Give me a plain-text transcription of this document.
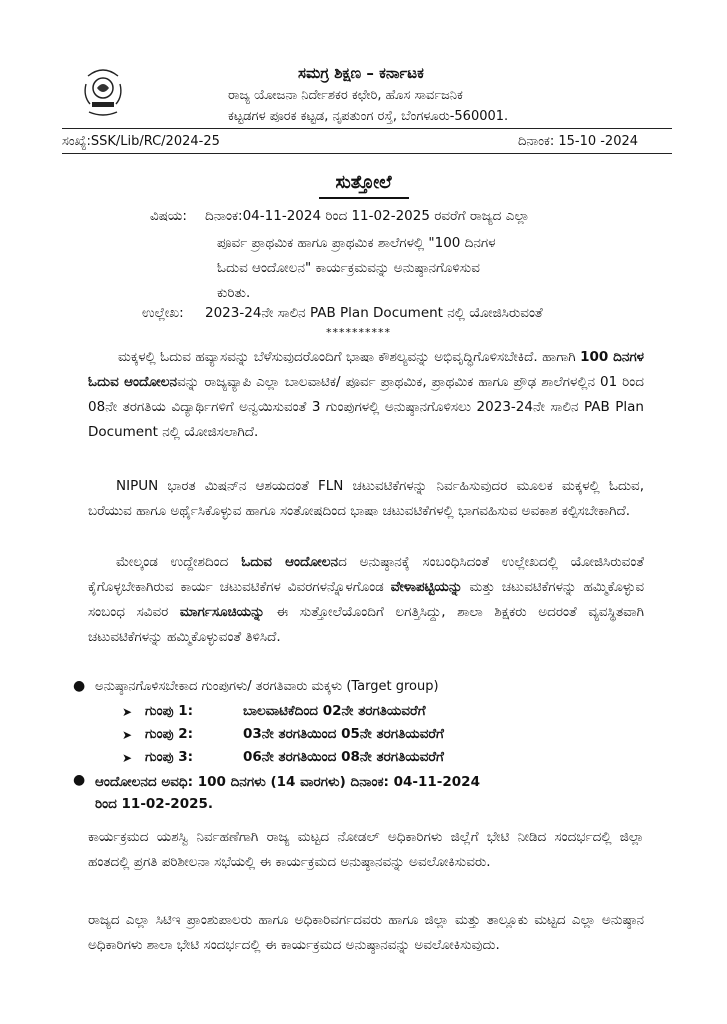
ಸಮಗ್ರ ಶಿಕ್ಷಣ – ಕರ್ನಾಟಕ
ರಾಜ್ಯ ಯೋಜನಾ ನಿರ್ದೇಶಕರ ಕಛೇರಿ, ಹೊಸ ಸಾರ್ವಜನಿಕ
ಕಟ್ಟಡಗಳ ಪೂರಕ ಕಟ್ಟಡ, ನೃಪತುಂಗ ರಸ್ತೆ, ಬೆಂಗಳೂರು-560001.
ಸಂಖ್ಯೆ:SSK/Lib/RC/2024-25	ದಿನಾಂಕ: 15-10 -2024
ಸುತ್ತೋಲೆ
ವಿಷಯ: ದಿನಾಂಕ:04-11-2024 ರಿಂದ 11-02-2025 ರವರೆಗೆ ರಾಜ್ಯದ ಎಲ್ಲಾ
ಪೂರ್ವ ಪ್ರಾಥಮಿಕ ಹಾಗೂ ಪ್ರಾಥಮಿಕ ಶಾಲೆಗಳಲ್ಲಿ "100 ದಿನಗಳ
ಓದುವ ಆಂದೋಲನ" ಕಾರ್ಯಕ್ರಮವನ್ನು ಅನುಷ್ಠಾನಗೊಳಿಸುವ
ಕುರಿತು.
ಉಲ್ಲೇಖ: 2023-24ನೇ ಸಾಲಿನ PAB Plan Document ನಲ್ಲಿ ಯೋಜಿಸಿರುವಂತೆ
**********
ಮಕ್ಕಳಲ್ಲಿ ಓದುವ ಹವ್ಯಾಸವನ್ನು ಬೆಳೆಸುವುದರೊಂದಿಗೆ ಭಾಷಾ ಕೌಶಲ್ಯವನ್ನು ಅಭಿವೃದ್ಧಿಗೊಳಿಸಬೇಕಿದೆ. ಹಾಗಾಗಿ 100 ದಿನಗಳ ಓದುವ ಆಂದೋಲನವನ್ನು ರಾಜ್ಯವ್ಯಾಪಿ ಎಲ್ಲಾ ಬಾಲವಾಟಿಕ/ ಪೂರ್ವ ಪ್ರಾಥಮಿಕ, ಪ್ರಾಥಮಿಕ ಹಾಗೂ ಪ್ರೌಢ ಶಾಲೆಗಳಲ್ಲಿನ 01 ರಿಂದ 08ನೇ ತರಗತಿಯ ವಿದ್ಯಾರ್ಥಿಗಳಿಗೆ ಅನ್ವಯಿಸುವಂತೆ 3 ಗುಂಪುಗಳಲ್ಲಿ ಅನುಷ್ಠಾನಗೊಳಿಸಲು 2023-24ನೇ ಸಾಲಿನ PAB Plan Document ನಲ್ಲಿ ಯೋಜಿಸಲಾಗಿದೆ.
NIPUN ಭಾರತ ಮಿಷನ್‌ನ ಆಶಯದಂತೆ FLN ಚಟುವಟಿಕೆಗಳನ್ನು ನಿರ್ವಹಿಸುವುದರ ಮೂಲಕ ಮಕ್ಕಳಲ್ಲಿ ಓದುವ, ಬರೆಯುವ ಹಾಗೂ ಅರ್ಥೈಸಿಕೊಳ್ಳುವ ಹಾಗೂ ಸಂತೋಷದಿಂದ ಭಾಷಾ ಚಟುವಟಿಕೆಗಳಲ್ಲಿ ಭಾಗವಹಿಸುವ ಅವಕಾಶ ಕಲ್ಪಿಸಬೇಕಾಗಿದೆ.
ಮೇಲ್ಕಂಡ ಉದ್ದೇಶದಿಂದ ಓದುವ ಆಂದೋಲನದ ಅನುಷ್ಠಾನಕ್ಕೆ ಸಂಬಂಧಿಸಿದಂತೆ ಉಲ್ಲೇಖದಲ್ಲಿ ಯೋಜಿಸಿರುವಂತೆ ಕೈಗೊಳ್ಳಬೇಕಾಗಿರುವ ಕಾರ್ಯ ಚಟುವಟಿಕೆಗಳ ವಿವರಗಳನ್ನೊಳಗೊಂಡ ವೇಳಾಪಟ್ಟಿಯನ್ನು ಮತ್ತು ಚಟುವಟಿಕೆಗಳನ್ನು ಹಮ್ಮಿಕೊಳ್ಳುವ ಸಂಬಂಧ ಸವಿವರ ಮಾರ್ಗಸೂಚಿಯನ್ನು ಈ ಸುತ್ತೋಲೆಯೊಂದಿಗೆ ಲಗತ್ತಿಸಿದ್ದು, ಶಾಲಾ ಶಿಕ್ಷಕರು ಅದರಂತೆ ವ್ಯವಸ್ಥಿತವಾಗಿ ಚಟುವಟಿಕೆಗಳನ್ನು ಹಮ್ಮಿಕೊಳ್ಳುವಂತೆ ತಿಳಿಸಿದೆ.
● ಅನುಷ್ಠಾನಗೊಳಿಸಬೇಕಾದ ಗುಂಪುಗಳು/ ತರಗತಿವಾರು ಮಕ್ಕಳು (Target group)
➤ ಗುಂಪು 1:	ಬಾಲವಾಟಿಕೆದಿಂದ 02ನೇ ತರಗತಿಯವರೆಗೆ
➤ ಗುಂಪು 2:	03ನೇ ತರಗತಿಯಿಂದ 05ನೇ ತರಗತಿಯವರೆಗೆ
➤ ಗುಂಪು 3:	06ನೇ ತರಗತಿಯಿಂದ 08ನೇ ತರಗತಿಯವರೆಗೆ
● ಆಂದೋಲನದ ಅವಧಿ: 100 ದಿನಗಳು (14 ವಾರಗಳು) ದಿನಾಂಕ: 04-11-2024
ರಿಂದ 11-02-2025.
ಕಾರ್ಯಕ್ರಮದ ಯಶಸ್ವಿ ನಿರ್ವಹಣೆಗಾಗಿ ರಾಜ್ಯ ಮಟ್ಟದ ನೋಡಲ್ ಅಧಿಕಾರಿಗಳು ಜಿಲ್ಲೆಗೆ ಭೇಟಿ ನೀಡಿದ ಸಂದರ್ಭದಲ್ಲಿ ಜಿಲ್ಲಾ ಹಂತದಲ್ಲಿ ಪ್ರಗತಿ ಪರಿಶೀಲನಾ ಸಭೆಯಲ್ಲಿ ಈ ಕಾರ್ಯಕ್ರಮದ ಅನುಷ್ಠಾನವನ್ನು ಅವಲೋಕಿಸುವರು.
ರಾಜ್ಯದ ಎಲ್ಲಾ ಸಿಟಿಇ ಪ್ರಾಂಶುಪಾಲರು ಹಾಗೂ ಅಧಿಕಾರಿವರ್ಗದವರು ಹಾಗೂ ಜಿಲ್ಲಾ ಮತ್ತು ತಾಲ್ಲೂಕು ಮಟ್ಟದ ಎಲ್ಲಾ ಅನುಷ್ಠಾನ ಅಧಿಕಾರಿಗಳು ಶಾಲಾ ಭೇಟಿ ಸಂದರ್ಭದಲ್ಲಿ ಈ ಕಾರ್ಯಕ್ರಮದ ಅನುಷ್ಠಾನವನ್ನು ಅವಲೋಕಿಸುವುದು.
